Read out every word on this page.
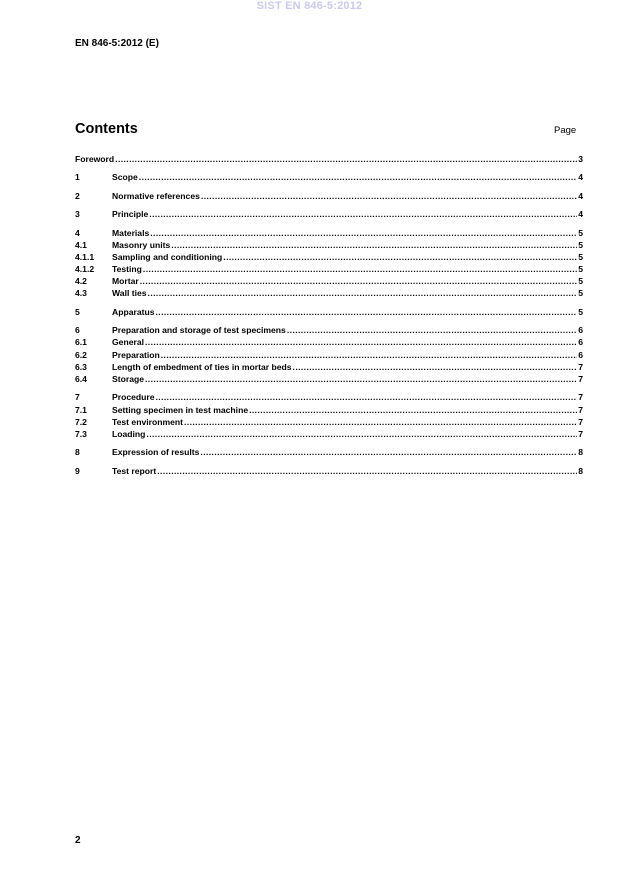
SIST EN 846-5:2012
EN 846-5:2012 (E)
Contents	Page
Foreword .....	3
1	Scope .....	4
2	Normative references .....	4
3	Principle .....	4
4	Materials .....	5
4.1	Masonry units .....	5
4.1.1	Sampling and conditioning .....	5
4.1.2	Testing .....	5
4.2	Mortar .....	5
4.3	Wall ties .....	5
5	Apparatus .....	5
6	Preparation and storage of test specimens .....	6
6.1	General .....	6
6.2	Preparation .....	6
6.3	Length of embedment of ties in mortar beds .....	7
6.4	Storage .....	7
7	Procedure .....	7
7.1	Setting specimen in test machine .....	7
7.2	Test environment .....	7
7.3	Loading .....	7
8	Expression of results .....	8
9	Test report .....	8
2
